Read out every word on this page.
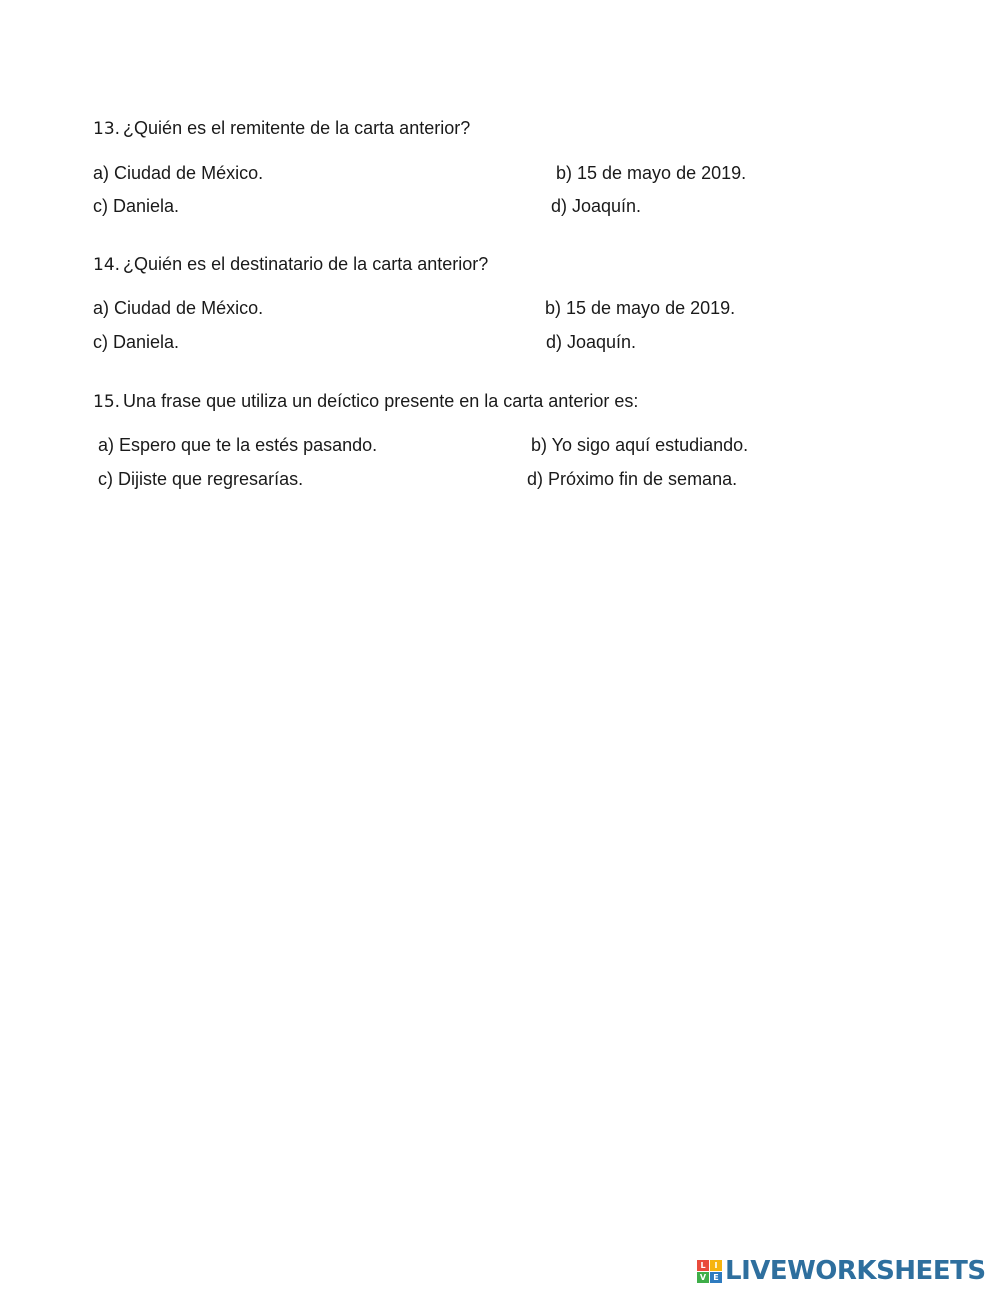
13. ¿Quién es el remitente de la carta anterior?
a) Ciudad de México.	b) 15 de mayo de 2019.
c) Daniela.	d) Joaquín.
14. ¿Quién es el destinatario de la carta anterior?
a) Ciudad de México.	b) 15 de mayo de 2019.
c) Daniela.	d) Joaquín.
15. Una frase que utiliza un deíctico presente en la carta anterior es:
a) Espero que te la estés pasando.	b) Yo sigo aquí estudiando.
c) Dijiste que regresarías.	d) Próximo fin de semana.
L	I
V E LIVEWORKSHEETS
